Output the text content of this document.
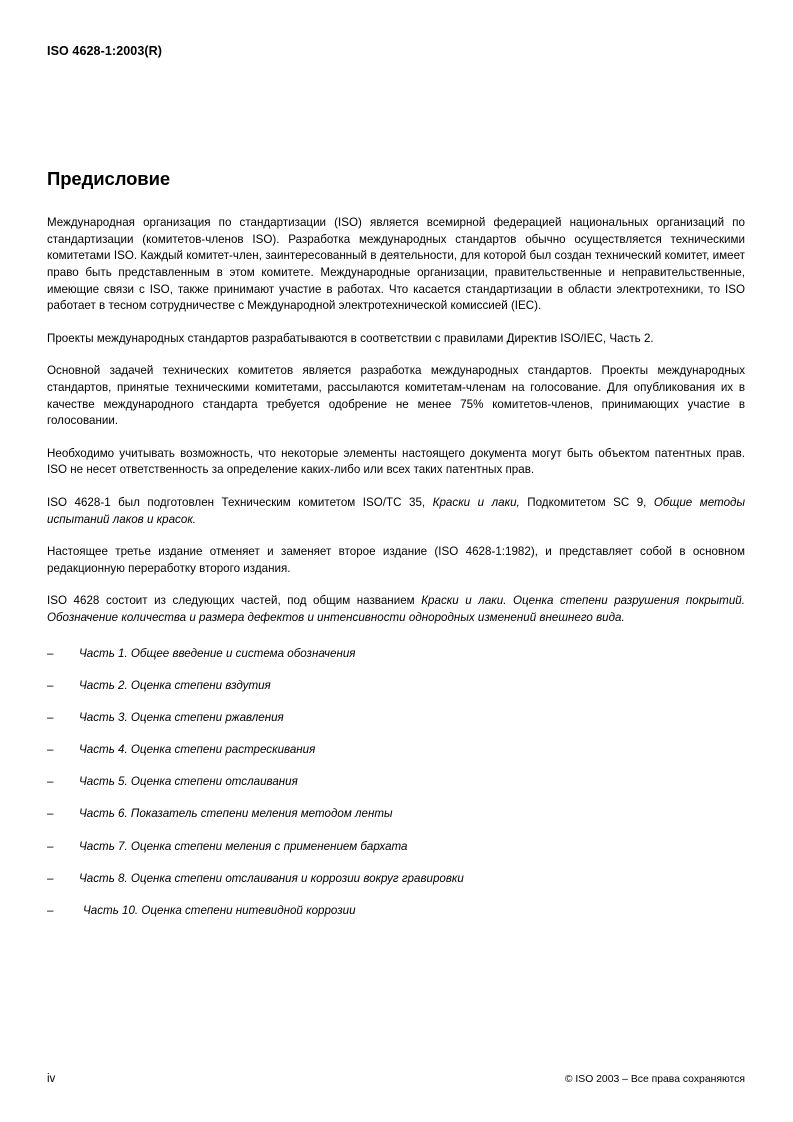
ISO 4628-1:2003(R)
Предисловие

Международная организация по стандартизации (ISO) является всемирной федерацией национальных организаций по стандартизации (комитетов-членов ISO). Разработка международных стандартов обычно осуществляется техническими комитетами ISO. Каждый комитет-член, заинтересованный в деятельности, для которой был создан технический комитет, имеет право быть представленным в этом комитете. Международные организации, правительственные и неправительственные, имеющие связи с ISO, также принимают участие в работах. Что касается стандартизации в области электротехники, то ISO работает в тесном сотрудничестве с Международной электротехнической комиссией (IEC).

Проекты международных стандартов разрабатываются в соответствии с правилами Директив ISO/IEC, Часть 2.

Основной задачей технических комитетов является разработка международных стандартов. Проекты международных стандартов, принятые техническими комитетами, рассылаются комитетам-членам на голосование. Для опубликования их в качестве международного стандарта требуется одобрение не менее 75% комитетов-членов, принимающих участие в голосовании.

Необходимо учитывать возможность, что некоторые элементы настоящего документа могут быть объектом патентных прав. ISO не несет ответственность за определение каких-либо или всех таких патентных прав.

ISO 4628-1 был подготовлен Техническим комитетом ISO/TC 35, Краски и лаки, Подкомитетом SC 9, Общие методы испытаний лаков и красок.

Настоящее третье издание отменяет и заменяет второе издание (ISO 4628-1:1982), и представляет собой в основном редакционную переработку второго издания.

ISO 4628 состоит из следующих частей, под общим названием Краски и лаки. Оценка степени разрушения покрытий. Обозначение количества и размера дефектов и интенсивности однородных изменений внешнего вида.

– Часть 1. Общее введение и система обозначения
– Часть 2. Оценка степени вздутия
– Часть 3. Оценка степени ржавления
– Часть 4. Оценка степени растрескивания
– Часть 5. Оценка степени отслаивания
– Часть 6. Показатель степени меления методом ленты
– Часть 7. Оценка степени меления с применением бархата
– Часть 8. Оценка степени отслаивания и коррозии вокруг гравировки
–	Часть 10. Оценка степени нитевидной коррозии
iv	© ISO 2003 – Все права сохраняются
